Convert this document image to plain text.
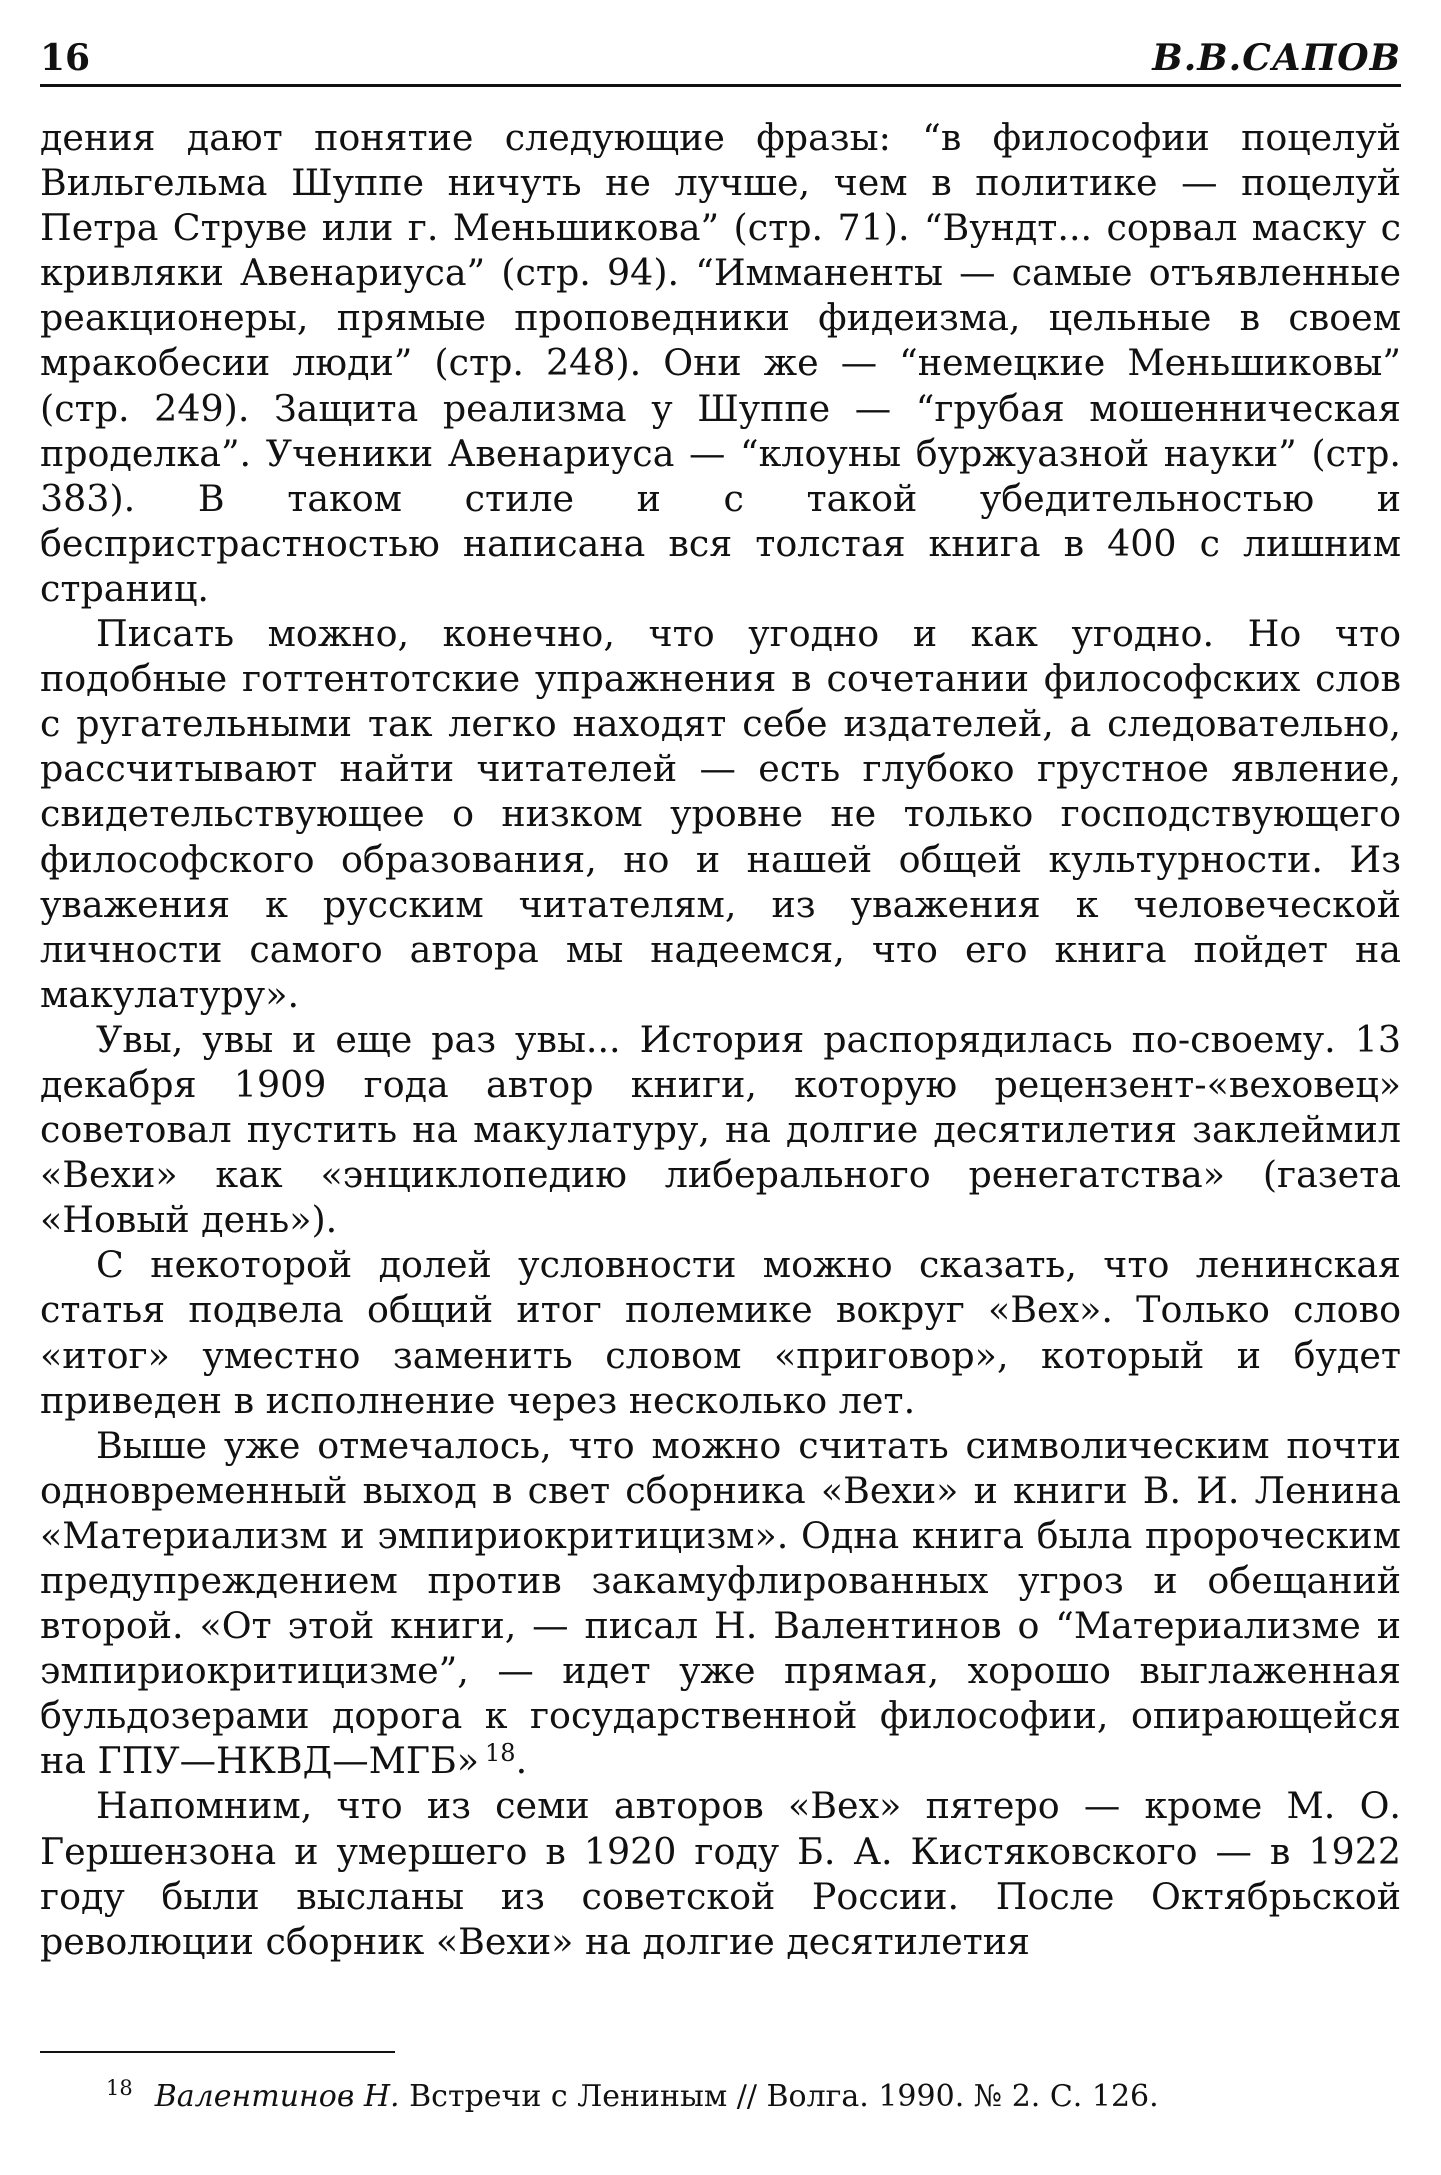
16	В.В.САПОВ

дения дают понятие следующие фразы: “в философии поцелуй Вильгельма Шуппе ничуть не лучше, чем в политике — поцелуй Петра Струве или г. Меньшикова” (стр. 71). “Вундт... сорвал маску с кривляки Авенариуса” (стр. 94). “Имманенты — самые отъявленные реакционеры, прямые проповедники фидеизма, цельные в своем мракобесии люди” (стр. 248). Они же — “немецкие Меньшиковы” (стр. 249). Защита реализма у Шуппе — “грубая мошенническая проделка”. Ученики Авенариуса — “клоуны буржуазной науки” (стр. 383). В таком стиле и с такой убедительностью и беспристрастностью написана вся толстая книга в 400 с лишним страниц.

Писать можно, конечно, что угодно и как угодно. Но что подобные готтентотские упражнения в сочетании философских слов с ругательными так легко находят себе издателей, а следовательно, рассчитывают найти читателей — есть глубоко грустное явление, свидетельствующее о низком уровне не только господствующего философского образования, но и нашей общей культурности. Из уважения к русским читателям, из уважения к человеческой личности самого автора мы надеемся, что его книга пойдет на макулатуру».

Увы, увы и еще раз увы... История распорядилась по-своему. 13 декабря 1909 года автор книги, которую рецензент-«веховец» советовал пустить на макулатуру, на долгие десятилетия заклеймил «Вехи» как «энциклопедию либерального ренегатства» (газета «Новый день»).

С некоторой долей условности можно сказать, что ленинская статья подвела общий итог полемике вокруг «Вех». Только слово «итог» уместно заменить словом «приговор», который и будет приведен в исполнение через несколько лет.

Выше уже отмечалось, что можно считать символическим почти одновременный выход в свет сборника «Вехи» и книги В. И. Ленина «Материализм и эмпириокритицизм». Одна книга была пророческим предупреждением против закамуфлированных угроз и обещаний второй. «От этой книги, — писал Н. Валентинов о “Материализме и эмпириокритицизме”, — идет уже прямая, хорошо выглаженная бульдозерами дорога к государственной философии, опирающейся на ГПУ—НКВД—МГБ» $^{18}$.

Напомним, что из семи авторов «Вех» пятеро — кроме М. О. Гершензона и умершего в 1920 году Б. А. Кистяковского — в 1922 году были высланы из советской России. После Октябрьской революции сборник «Вехи» на долгие десятилетия

$^{18}$ Валентинов Н. Встречи с Лениным // Волга. 1990. № 2. С. 126.
